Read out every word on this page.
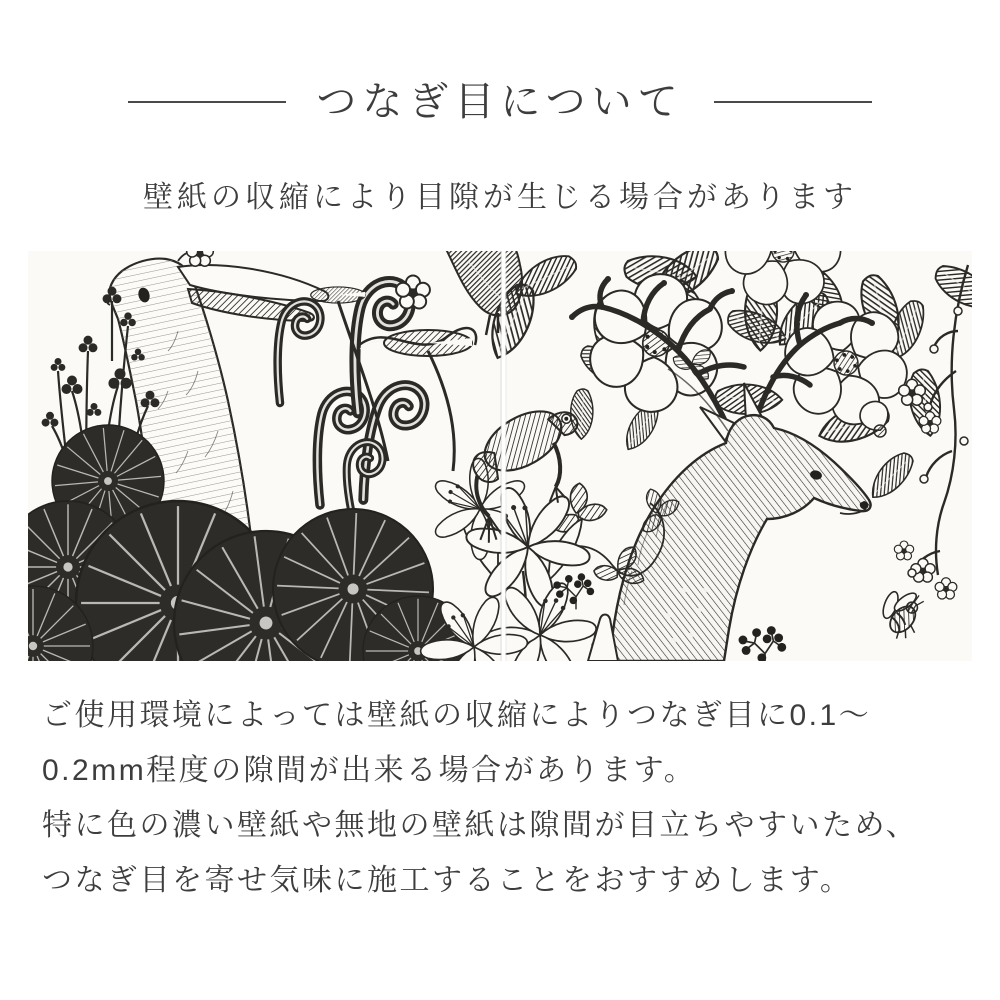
つなぎ目について
壁紙の収縮により目隙が生じる場合があります

ご使用環境によっては壁紙の収縮によりつなぎ目に0.1〜

0.2mm程度の隙間が出来る場合があります。

特に色の濃い壁紙や無地の壁紙は隙間が目立ちやすいため、

つなぎ目を寄せ気味に施工することをおすすめします。
